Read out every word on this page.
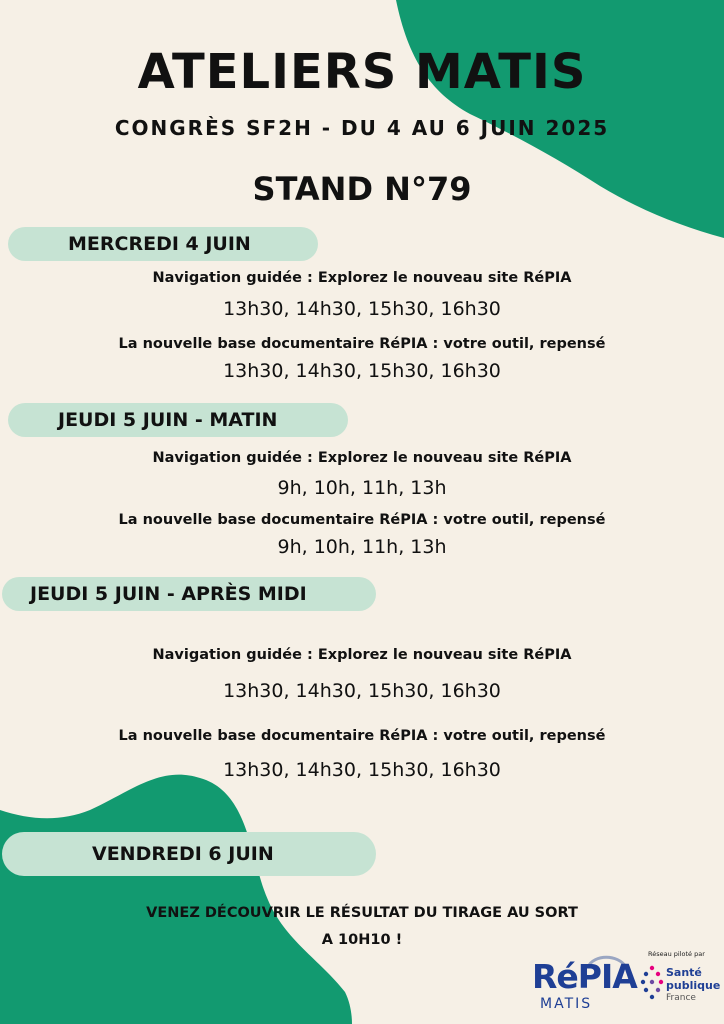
ATELIERS MATIS
CONGRÈS SF2H - DU 4 AU 6 JUIN 2025
STAND N°79
MERCREDI 4 JUIN
Navigation guidée : Explorez le nouveau site RéPIA
13h30, 14h30, 15h30, 16h30
La nouvelle base documentaire RéPIA : votre outil, repensé
13h30, 14h30, 15h30, 16h30
JEUDI 5 JUIN - MATIN
Navigation guidée : Explorez le nouveau site RéPIA
9h, 10h, 11h, 13h
La nouvelle base documentaire RéPIA : votre outil, repensé
9h, 10h, 11h, 13h
JEUDI 5 JUIN - APRÈS MIDI
Navigation guidée : Explorez le nouveau site RéPIA
13h30, 14h30, 15h30, 16h30
La nouvelle base documentaire RéPIA : votre outil, repensé
13h30, 14h30, 15h30, 16h30
VENDREDI 6 JUIN
VENEZ DÉCOUVRIR LE RÉSULTAT DU TIRAGE AU SORT
A 10H10 !
RéPIA
MATIS
Réseau piloté par
Santé
publique
France
